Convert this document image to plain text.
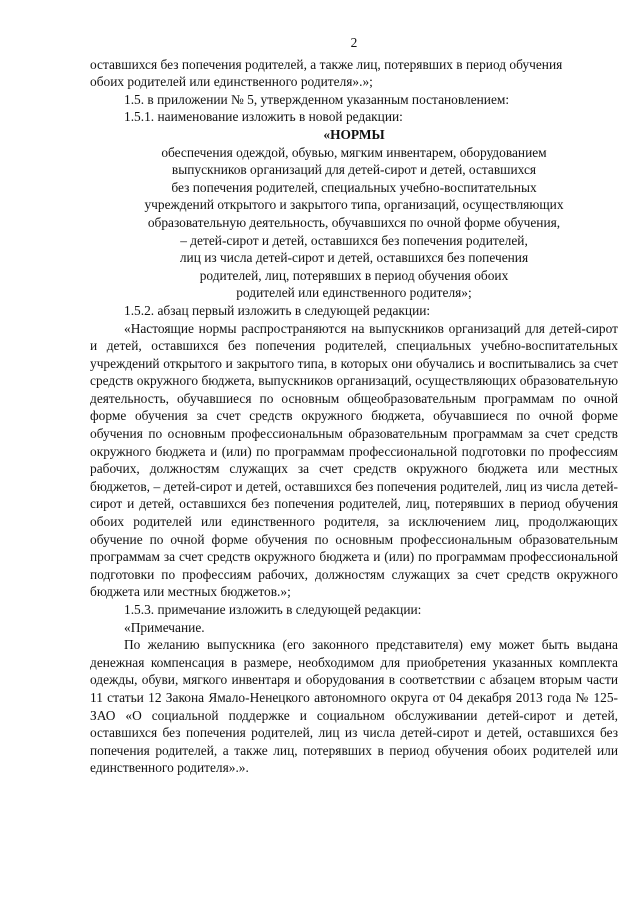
2

оставшихся без попечения родителей, а также лиц, потерявших в период обучения
обоих родителей или единственного родителя».»;

1.5. в приложении № 5, утвержденном указанным постановлением:

1.5.1. наименование изложить в новой редакции:

«НОРМЫ

обеспечения одеждой, обувью, мягким инвентарем, оборудованием
выпускников организаций для детей-сирот и детей, оставшихся
без попечения родителей, специальных учебно-воспитательных
учреждений открытого и закрытого типа, организаций, осуществляющих
образовательную деятельность, обучавшихся по очной форме обучения,
– детей-сирот и детей, оставшихся без попечения родителей,
лиц из числа детей-сирот и детей, оставшихся без попечения
родителей, лиц, потерявших в период обучения обоих
родителей или единственного родителя»;

1.5.2. абзац первый изложить в следующей редакции:

«Настоящие нормы распространяются на выпускников организаций для детей-сирот и детей, оставшихся без попечения родителей, специальных учебно-воспитательных учреждений открытого и закрытого типа, в которых они обучались и воспитывались за счет средств окружного бюджета, выпускников организаций, осуществляющих образовательную деятельность, обучавшиеся по основным общеобразовательным программам по очной форме обучения за счет средств окружного бюджета, обучавшиеся по очной форме обучения по основным профессиональным образовательным программам за счет средств окружного бюджета и (или) по программам профессиональной подготовки по профессиям рабочих, должностям служащих за счет средств окружного бюджета или местных бюджетов, – детей-сирот и детей, оставшихся без попечения родителей, лиц из числа детей-сирот и детей, оставшихся без попечения родителей, лиц, потерявших в период обучения обоих родителей или единственного родителя, за исключением лиц, продолжающих обучение по очной форме обучения по основным профессиональным образовательным программам за счет средств окружного бюджета и (или) по программам профессиональной подготовки по профессиям рабочих, должностям служащих за счет средств окружного бюджета или местных бюджетов.»;

1.5.3. примечание изложить в следующей редакции:

«Примечание.

По желанию выпускника (его законного представителя) ему может быть выдана денежная компенсация в размере, необходимом для приобретения указанных комплекта одежды, обуви, мягкого инвентаря и оборудования в соответствии с абзацем вторым части 11 статьи 12 Закона Ямало-Ненецкого автономного округа от 04 декабря 2013 года № 125-ЗАО «О социальной поддержке и социальном обслуживании детей-сирот и детей, оставшихся без попечения родителей, лиц из числа детей-сирот и детей, оставшихся без попечения родителей, а также лиц, потерявших в период обучения обоих родителей или единственного родителя».».
